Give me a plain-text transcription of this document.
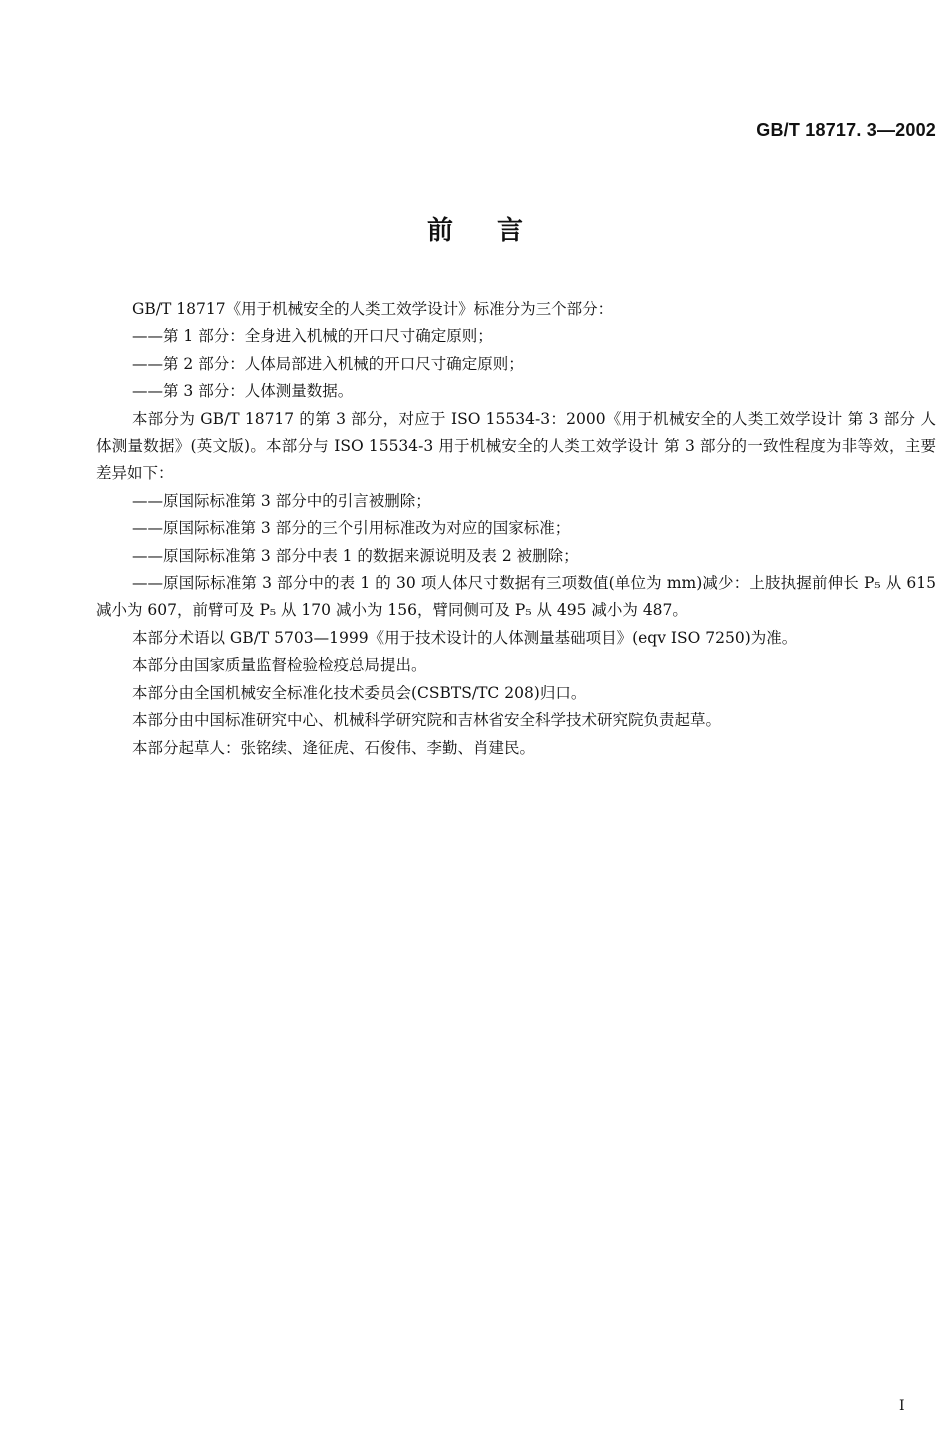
GB/T 18717. 3—2002
前言

GB/T 18717《用于机械安全的人类工效学设计》标准分为三个部分：

——第 1 部分：全身进入机械的开口尺寸确定原则；

——第 2 部分：人体局部进入机械的开口尺寸确定原则；

——第 3 部分：人体测量数据。

本部分为 GB/T 18717 的第 3 部分，对应于 ISO 15534-3：2000《用于机械安全的人类工效学设计 第 3 部分 人体测量数据》(英文版)。本部分与 ISO 15534-3 用于机械安全的人类工效学设计 第 3 部分的一致性程度为非等效，主要差异如下：

——原国际标准第 3 部分中的引言被删除；

——原国际标准第 3 部分的三个引用标准改为对应的国家标准；

——原国际标准第 3 部分中表 1 的数据来源说明及表 2 被删除；

——原国际标准第 3 部分中的表 1 的 30 项人体尺寸数据有三项数值(单位为 mm)减少：上肢执握前伸长 P₅ 从 615 减小为 607，前臂可及 P₅ 从 170 减小为 156，臂同侧可及 P₅ 从 495 减小为 487。

本部分术语以 GB/T 5703—1999《用于技术设计的人体测量基础项目》(eqv ISO 7250)为准。

本部分由国家质量监督检验检疫总局提出。

本部分由全国机械安全标准化技术委员会(CSBTS/TC 208)归口。

本部分由中国标准研究中心、机械科学研究院和吉林省安全科学技术研究院负责起草。

本部分起草人：张铭续、逄征虎、石俊伟、李勤、肖建民。

I
